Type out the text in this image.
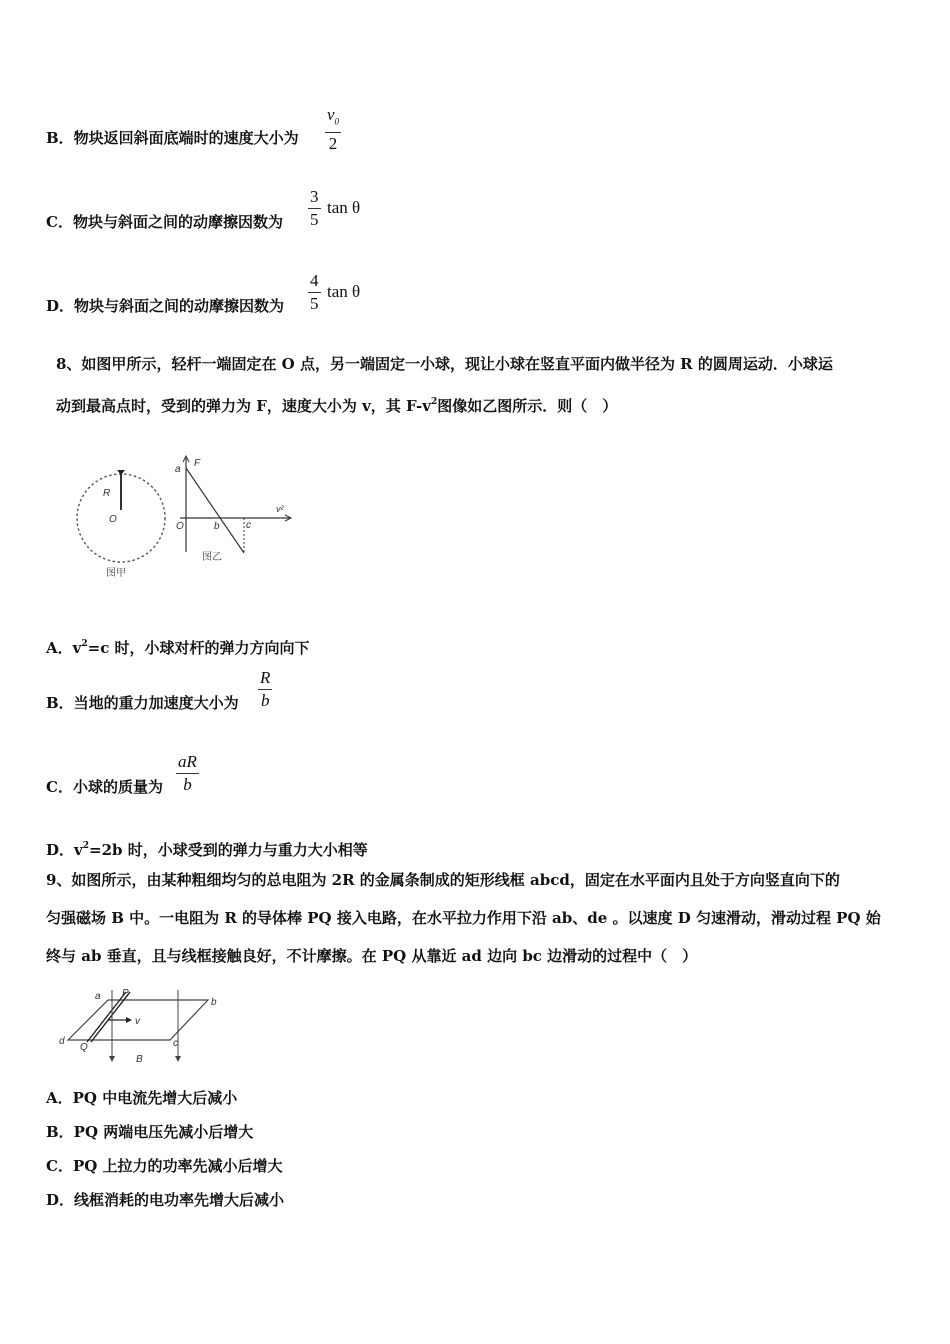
B．物块返回斜面底端时的速度大小为 $\frac{v_0}{2}$
C．物块与斜面之间的动摩擦因数为 $\frac{3}{5}$ tan θ
D．物块与斜面之间的动摩擦因数为 $\frac{4}{5}$ tan θ
8、如图甲所示，轻杆一端固定在 O 点，另一端固定一小球，现让小球在竖直平面内做半径为 R 的圆周运动．小球运
动到最高点时，受到的弹力为 F，速度大小为 v，其 $F-v^2$图像如乙图所示．则（　）
R
O
图甲
F
a
O	b	c
v²
图乙
A．$v^2=c$ 时，小球对杆的弹力方向向下
B．当地的重力加速度大小为 $\frac{R}{b}$
C．小球的质量为 $\frac{aR}{b}$
D．$v^2=2b$ 时，小球受到的弹力与重力大小相等
9、如图所示，由某种粗细均匀的总电阻为 2R 的金属条制成的矩形线框 abcd，固定在水平面内且处于方向竖直向下的
匀强磁场 B 中。一电阻为 R 的导体棒 PQ 接入电路，在水平拉力作用下沿 ab、de 。以速度 D 匀速滑动，滑动过程 PQ 始
终与 ab 垂直，且与线框接触良好，不计摩擦。在 PQ 从靠近 ad 边向 bc 边滑动的过程中（　）
a P
b
v
d
Q	c
B
A．PQ 中电流先增大后减小
B．PQ 两端电压先减小后增大
C．PQ 上拉力的功率先减小后增大
D．线框消耗的电功率先增大后减小
